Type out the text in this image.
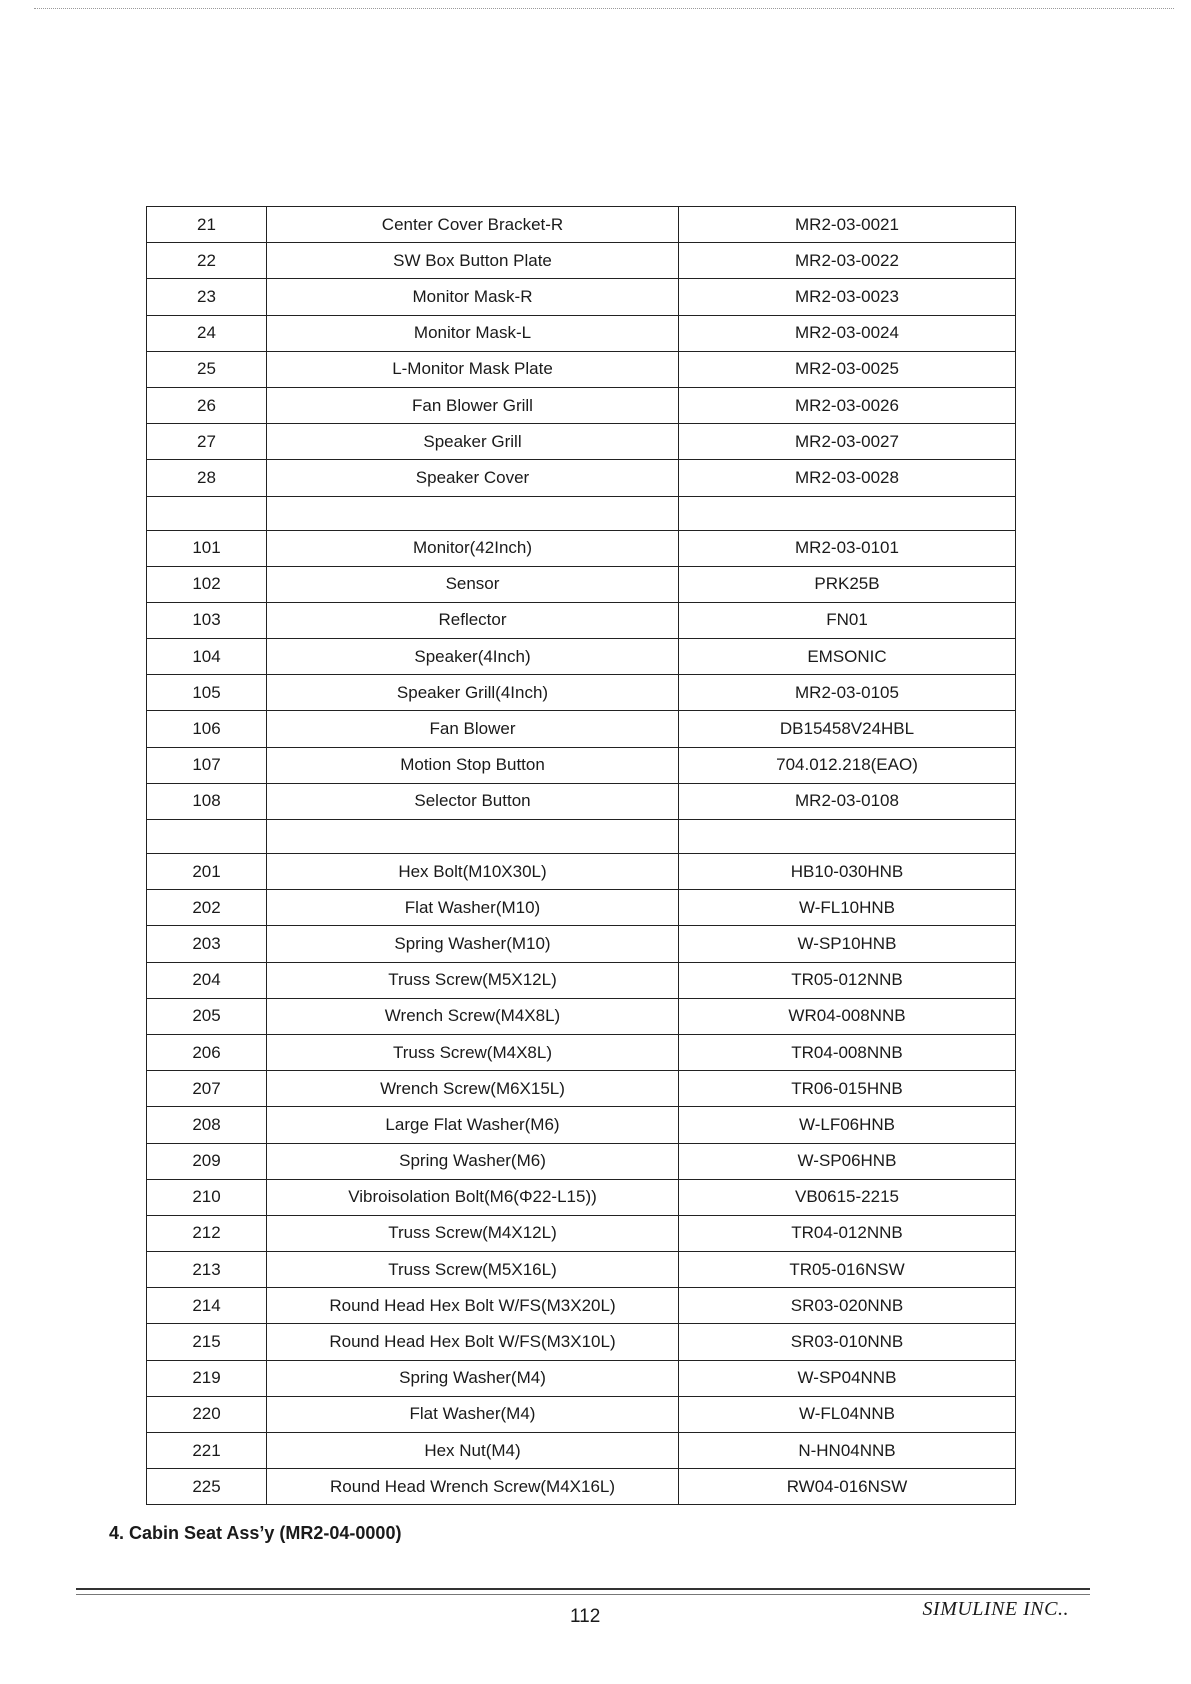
21	Center Cover Bracket-R	MR2-03-0021
22	SW Box Button Plate	MR2-03-0022
23	Monitor Mask-R	MR2-03-0023
24	Monitor Mask-L	MR2-03-0024
25	L-Monitor Mask Plate	MR2-03-0025
26	Fan Blower Grill	MR2-03-0026
27	Speaker Grill	MR2-03-0027
28	Speaker Cover	MR2-03-0028

101	Monitor(42Inch)	MR2-03-0101
102	Sensor	PRK25B
103	Reflector	FN01
104	Speaker(4Inch)	EMSONIC
105	Speaker Grill(4Inch)	MR2-03-0105
106	Fan Blower	DB15458V24HBL
107	Motion Stop Button	704.012.218(EAO)
108	Selector Button	MR2-03-0108

201	Hex Bolt(M10X30L)	HB10-030HNB
202	Flat Washer(M10)	W-FL10HNB
203	Spring Washer(M10)	W-SP10HNB
204	Truss Screw(M5X12L)	TR05-012NNB
205	Wrench Screw(M4X8L)	WR04-008NNB
206	Truss Screw(M4X8L)	TR04-008NNB
207	Wrench Screw(M6X15L)	TR06-015HNB
208	Large Flat Washer(M6)	W-LF06HNB
209	Spring Washer(M6)	W-SP06HNB
210	Vibroisolation Bolt(M6(Φ22-L15))	VB0615-2215
212	Truss Screw(M4X12L)	TR04-012NNB
213	Truss Screw(M5X16L)	TR05-016NSW
214	Round Head Hex Bolt W/FS(M3X20L)	SR03-020NNB
215	Round Head Hex Bolt W/FS(M3X10L)	SR03-010NNB
219	Spring Washer(M4)	W-SP04NNB
220	Flat Washer(M4)	W-FL04NNB
221	Hex Nut(M4)	N-HN04NNB
225	Round Head Wrench Screw(M4X16L)	RW04-016NSW
4. Cabin Seat Ass’y (MR2-04-0000)
112	SIMULINE INC..
